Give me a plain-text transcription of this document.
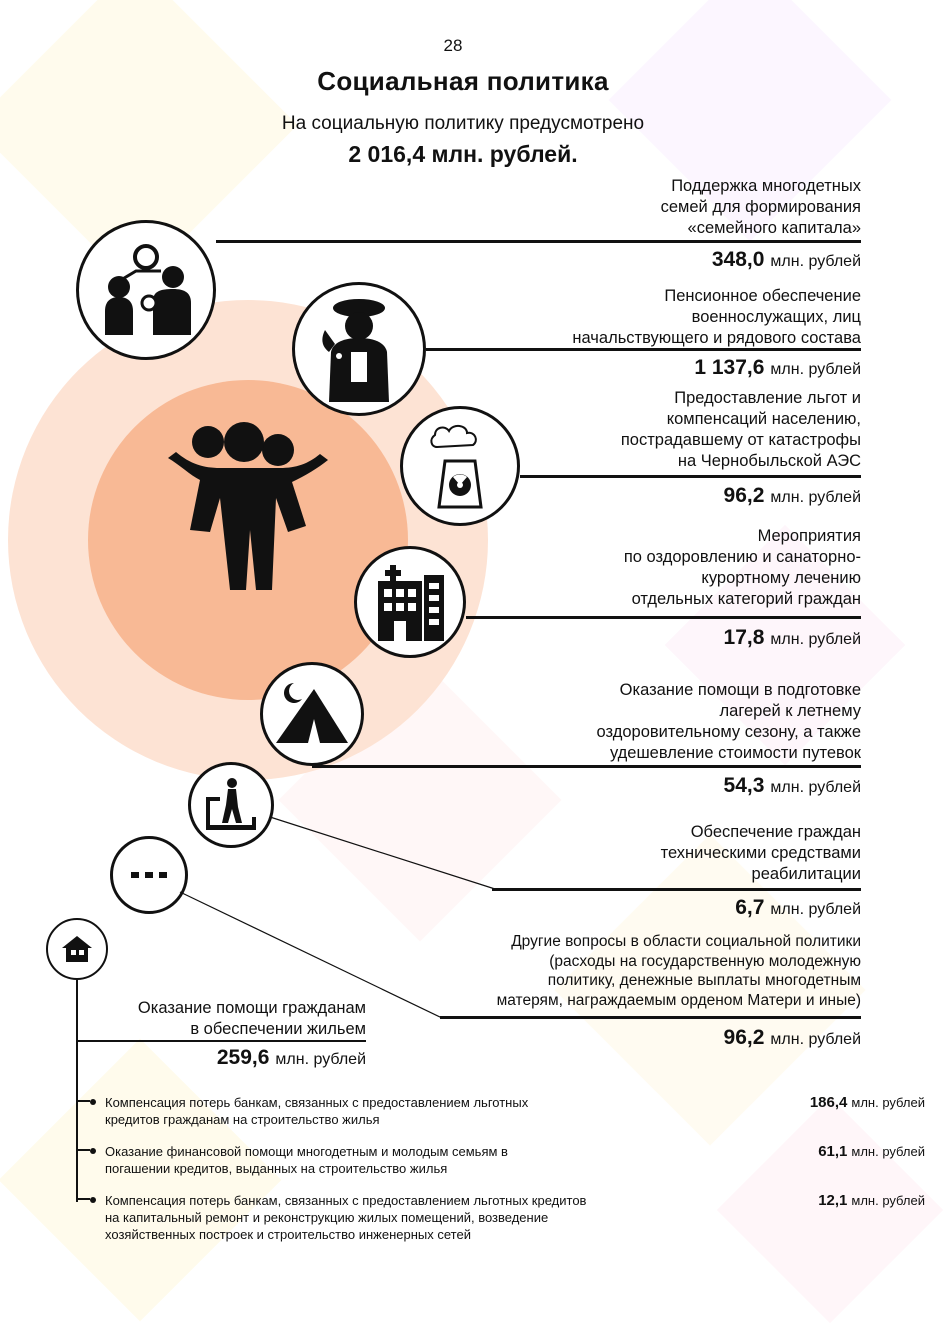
28
Социальная политика
На социальную политику предусмотрено
2 016,4 млн. рублей.
Поддержка многодетных
семей для формирования
«семейного капитала»
348,0 млн. рублей
Пенсионное обеспечение
военнослужащих, лиц
начальствующего и рядового состава
1 137,6 млн. рублей
Предоставление льгот и
компенсаций населению,
пострадавшему от катастрофы
на Чернобыльской АЭС
96,2 млн. рублей
Мероприятия
по оздоровлению и санаторно-
курортному лечению
отдельных категорий граждан
17,8 млн. рублей
Оказание помощи в подготовке
лагерей к летнему
оздоровительному сезону, а также
удешевление стоимости путевок
54,3 млн. рублей
Обеспечение граждан
техническими средствами
реабилитации
6,7 млн. рублей
Другие вопросы в области социальной политики
(расходы на государственную молодежную
политику, денежные выплаты многодетным
матерям, награждаемым орденом Матери и иные)
96,2 млн. рублей
Оказание помощи гражданам
в обеспечении жильем
259,6 млн. рублей
Компенсация потерь банкам, связанных с предоставлением льготных
кредитов гражданам на строительство жилья
186,4 млн. рублей
Оказание финансовой помощи многодетным и молодым семьям в
погашении кредитов, выданных на строительство жилья
61,1 млн. рублей
Компенсация потерь банкам, связанных с предоставлением льготных кредитов
на капитальный ремонт и реконструкцию жилых помещений, возведение
хозяйственных построек и строительство инженерных сетей
12,1 млн. рублей
